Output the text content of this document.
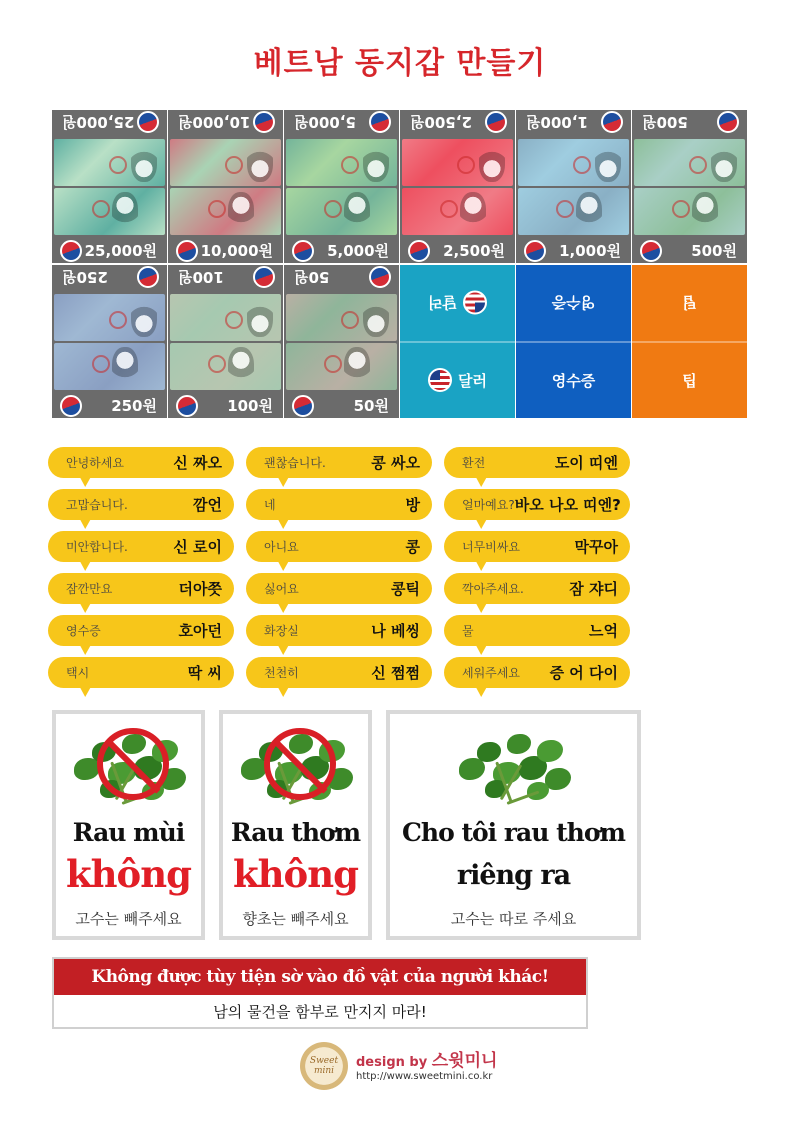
베트남 동지갑 만들기
25,000원
25,000원
10,000원
10,000원
5,000원
5,000원
2,500원
2,500원
1,000원
1,000원
500원
500원
250원
250원
100원
100원
50원
50원
달러
달러
영수증
영수증
팁
팁
안녕하세요	신 짜오	괜찮습니다.	콩 싸오	환전	도이 띠엔
고맙습니다.	깜언	네	방	얼마예요? 바오 나오 띠엔?
미안합니다.	신 로이	아니요	콩	너무비싸요	막꾸아
잠깐만요	더아쯧	싫어요	콩틱	깍아주세요.	잠 쟈디
영수증	호아던	화장실	나 베씽	물	느억
택시	딱 씨	천천히	신 쩜쩜	세워주세요 증 어 다이
Rau mùi
không
고수는 빼주세요
Rau thơm
không
향초는 빼주세요
Cho tôi rau thơm
riêng ra
고수는 따로 주세요
Không được tùy tiện sờ vào đồ vật của người khác!
남의 물건을 함부로 만지지 마라!
Sweet mini
design by 스윗미니
http://www.sweetmini.co.kr
